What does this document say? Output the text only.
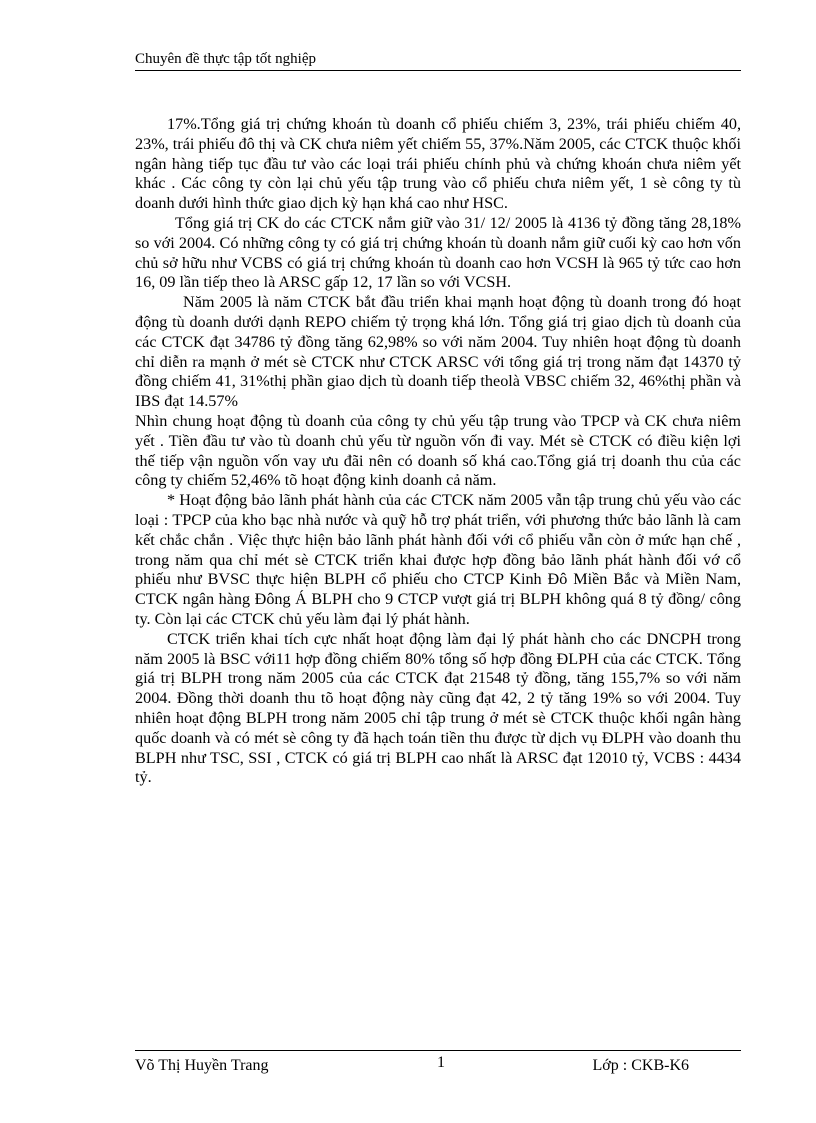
Chuyên đề thực tập tốt nghiệp

17%.Tổng giá trị chứng khoán tù doanh cổ phiếu chiếm 3, 23%, trái phiếu chiếm 40, 23%, trái phiếu đô thị và CK chưa niêm yết chiếm 55, 37%.Năm 2005, các CTCK thuộc khối ngân hàng tiếp tục đầu tư vào các loại trái phiếu chính phủ và chứng khoán chưa niêm yết khác . Các công ty còn lại chủ yếu tập trung vào cổ phiếu chưa niêm yết, 1 sè công ty tù doanh dưới hình thức giao dịch kỳ hạn khá cao như HSC.

Tổng giá trị CK do các CTCK nắm giữ vào 31/ 12/ 2005 là 4136 tỷ đồng tăng 28,18% so với 2004. Có những công ty có giá trị chứng khoán tù doanh nắm giữ cuối kỳ cao hơn vốn chủ sở hữu như VCBS có giá trị chứng khoán tù doanh cao hơn VCSH là 965 tỷ tức cao hơn 16, 09 lần tiếp theo là ARSC gấp 12, 17 lần so với VCSH.

Năm 2005 là năm CTCK bắt đầu triển khai mạnh hoạt động tù doanh trong đó hoạt động tù doanh dưới dạnh REPO chiếm tỷ trọng khá lớn. Tổng giá trị giao dịch tù doanh của các CTCK đạt 34786 tỷ đồng tăng 62,98% so với năm 2004. Tuy nhiên hoạt động tù doanh chỉ diễn ra mạnh ở mét sè CTCK như CTCK ARSC với tổng giá trị trong năm đạt 14370 tỷ đồng chiếm 41, 31%thị phần giao dịch tù doanh tiếp theolà VBSC chiếm 32, 46%thị phần và IBS đạt 14.57%

Nhìn chung hoạt động tù doanh của công ty chủ yếu tập trung vào TPCP và CK chưa niêm yết . Tiền đầu tư vào tù doanh chủ yếu từ nguồn vốn đi vay. Mét sè CTCK có điều kiện lợi thế tiếp vận nguồn vốn vay ưu đãi nên có doanh số khá cao.Tổng giá trị doanh thu của các công ty chiếm 52,46% tõ hoạt động kinh doanh cả năm.

* Hoạt động bảo lãnh phát hành của các CTCK năm 2005 vẫn tập trung chủ yếu vào các loại : TPCP của kho bạc nhà nước và quỹ hỗ trợ phát triển, với phương thức bảo lãnh là cam kết chắc chắn . Việc thực hiện bảo lãnh phát hành đối với cổ phiếu vẫn còn ở mức hạn chế , trong năm qua chỉ mét sè CTCK triển khai được hợp đồng bảo lãnh phát hành đối vớ cổ phiếu như BVSC thực hiện BLPH cổ phiếu cho CTCP Kinh Đô Miền Bắc và Miền Nam, CTCK ngân hàng Đông Á BLPH cho 9 CTCP vượt giá trị BLPH không quá 8 tỷ đồng/ công ty. Còn lại các CTCK chủ yếu làm đại lý phát hành.

CTCK triển khai tích cực nhất hoạt động làm đại lý phát hành cho các DNCPH trong năm 2005 là BSC với11 hợp đồng chiếm 80% tổng số hợp đồng ĐLPH của các CTCK. Tổng giá trị BLPH trong năm 2005 của các CTCK đạt 21548 tỷ đồng, tăng 155,7% so với năm 2004. Đồng thời doanh thu tõ hoạt động này cũng đạt 42, 2 tỷ tăng 19% so với 2004. Tuy nhiên hoạt động BLPH trong năm 2005 chỉ tập trung ở mét sè CTCK thuộc khối ngân hàng quốc doanh và có mét sè công ty đã hạch toán tiền thu được từ dịch vụ ĐLPH vào doanh thu BLPH như TSC, SSI , CTCK có giá trị BLPH cao nhất là ARSC đạt 12010 tỷ, VCBS : 4434 tỷ.

Võ Thị Huyền Trang	1	Lớp : CKB-K6
